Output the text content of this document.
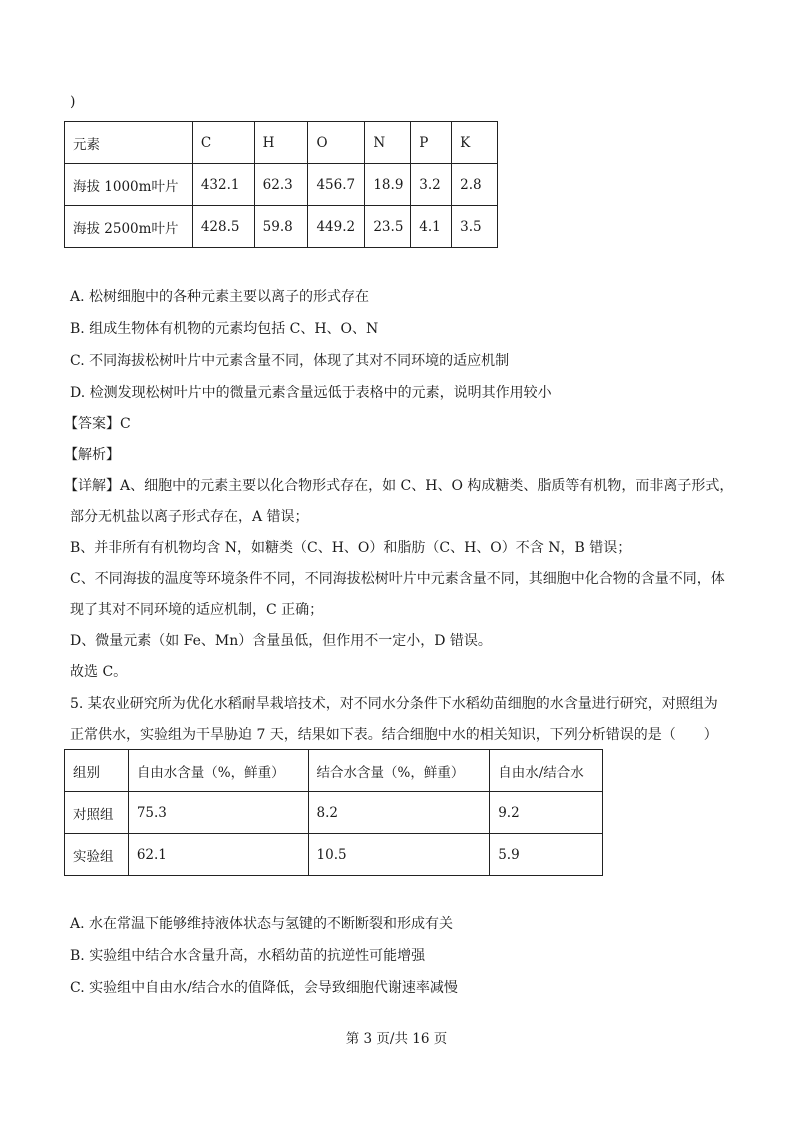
)
元素	C	H	O	N	P	K
海拔 1000m叶片	432.1	62.3	456.7	18.9	3.2	2.8
海拔 2500m叶片	428.5	59.8	449.2	23.5	4.1	3.5
A. 松树细胞中的各种元素主要以离子的形式存在
B. 组成生物体有机物的元素均包括 C、H、O、N
C. 不同海拔松树叶片中元素含量不同，体现了其对不同环境的适应机制
D. 检测发现松树叶片中的微量元素含量远低于表格中的元素，说明其作用较小
【答案】C
【解析】
【详解】A、细胞中的元素主要以化合物形式存在，如 C、H、O 构成糖类、脂质等有机物，而非离子形式，
部分无机盐以离子形式存在，A 错误；
B、并非所有有机物均含 N，如糖类（C、H、O）和脂肪（C、H、O）不含 N，B 错误；
C、不同海拔的温度等环境条件不同，不同海拔松树叶片中元素含量不同，其细胞中化合物的含量不同，体
现了其对不同环境的适应机制，C 正确；
D、微量元素（如 Fe、Mn）含量虽低，但作用不一定小，D 错误。
故选 C。
5. 某农业研究所为优化水稻耐旱栽培技术，对不同水分条件下水稻幼苗细胞的水含量进行研究，对照组为
正常供水，实验组为干旱胁迫 7 天，结果如下表。结合细胞中水的相关知识，下列分析错误的是（　　）
组别	自由水含量（%，鲜重）	结合水含量（%，鲜重）	自由水/结合水
对照组	75.3	8.2	9.2
实验组	62.1	10.5	5.9
A. 水在常温下能够维持液体状态与氢键的不断断裂和形成有关
B. 实验组中结合水含量升高，水稻幼苗的抗逆性可能增强
C. 实验组中自由水/结合水的值降低，会导致细胞代谢速率减慢
第 3 页/共 16 页
